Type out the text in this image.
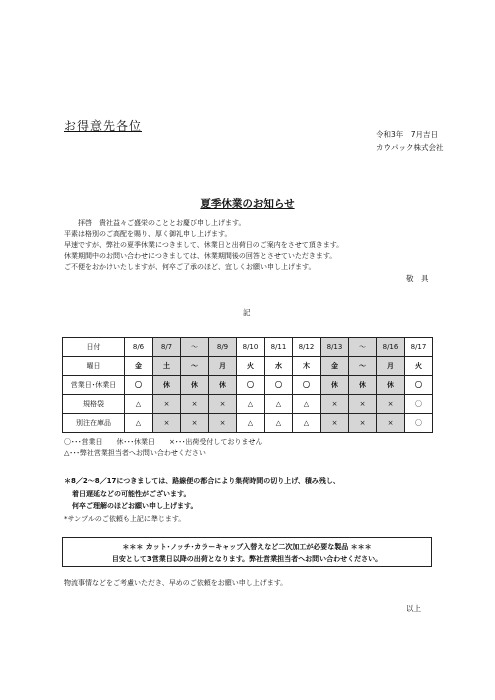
お得意先各位
令和3年　7月吉日
カウパック株式会社
夏季休業のお知らせ
拝啓　貴社益々ご盛栄のこととお慶び申し上げます。
平素は格別のご高配を賜り、厚く御礼申し上げます。
早速ですが、弊社の夏季休業につきまして、休業日と出荷日のご案内をさせて頂きます。
休業期間中のお問い合わせにつきましては、休業期間後の回答とさせていただきます。
ご不便をおかけいたしますが、何卒ご了承のほど、宜しくお願い申し上げます。
敬　具
記
日付	8/6	8/7	～	8/9	8/10	8/11	8/12	8/13	～	8/16	8/17
曜日	金	土	～	月	火	水	木	金	～	月	火
営業日･休業日	〇	休	休	休	〇	〇	〇	休	休	休	〇
規格袋	△	×	×	×	△	△	△	×	×	×	〇
別注在庫品	△	×	×	×	△	△	△	×	×	×	〇
〇･･･営業日　　休･･･休業日　　×･･･出荷受付しておりません
△･･･弊社営業担当者へお問い合わせください
＊8／2～8／17につきましては、路線便の都合により集荷時間の切り上げ、積み残し、
着日遅延などの可能性がございます。
何卒ご理解のほどお願い申し上げます。
*サンプルのご依頼も上記に準じます。
＊＊＊ カット･ノッチ･カラーキャップ入替えなど二次加工が必要な製品 ＊＊＊
目安として3営業日以降の出荷となります。弊社営業担当者へお問い合わせください。
物流事情などをご考慮いただき、早めのご依頼をお願い申し上げます。
以上
